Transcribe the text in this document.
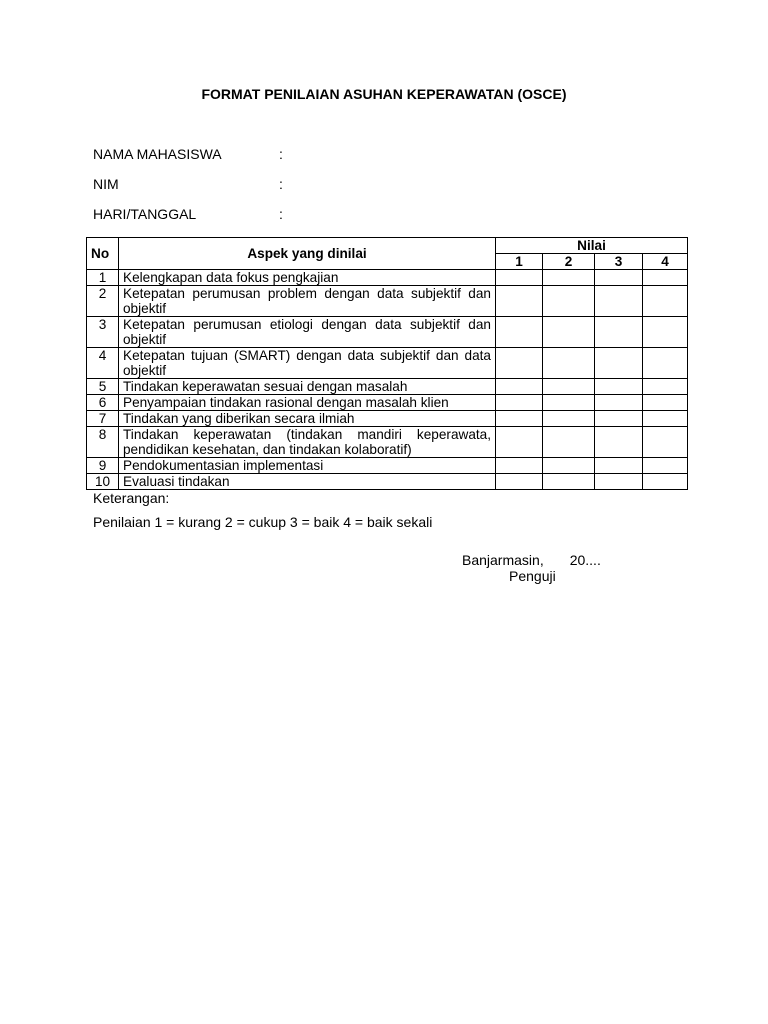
FORMAT PENILAIAN ASUHAN KEPERAWATAN (OSCE)
NAMA MAHASISWA	:
NIM	:
HARI/TANGGAL	:
No	Aspek yang dinilai	Nilai			
		1	2	3	4
1	Kelengkapan data fokus pengkajian				
2	Ketepatan perumusan problem dengan data subjektif dan objektif				
3	Ketepatan perumusan etiologi dengan data subjektif dan objektif				
4	Ketepatan tujuan (SMART) dengan data subjektif dan data objektif				
5	Tindakan keperawatan sesuai dengan masalah				
6	Penyampaian tindakan rasional dengan masalah klien				
7	Tindakan yang diberikan secara ilmiah				
8	Tindakan keperawatan (tindakan mandiri keperawata, pendidikan kesehatan, dan tindakan kolaboratif)				
9	Pendokumentasian implementasi				
10	Evaluasi tindakan				
Keterangan:
Penilaian 1 = kurang 2 = cukup 3 = baik 4 = baik sekali
Banjarmasin, 20....
Penguji
